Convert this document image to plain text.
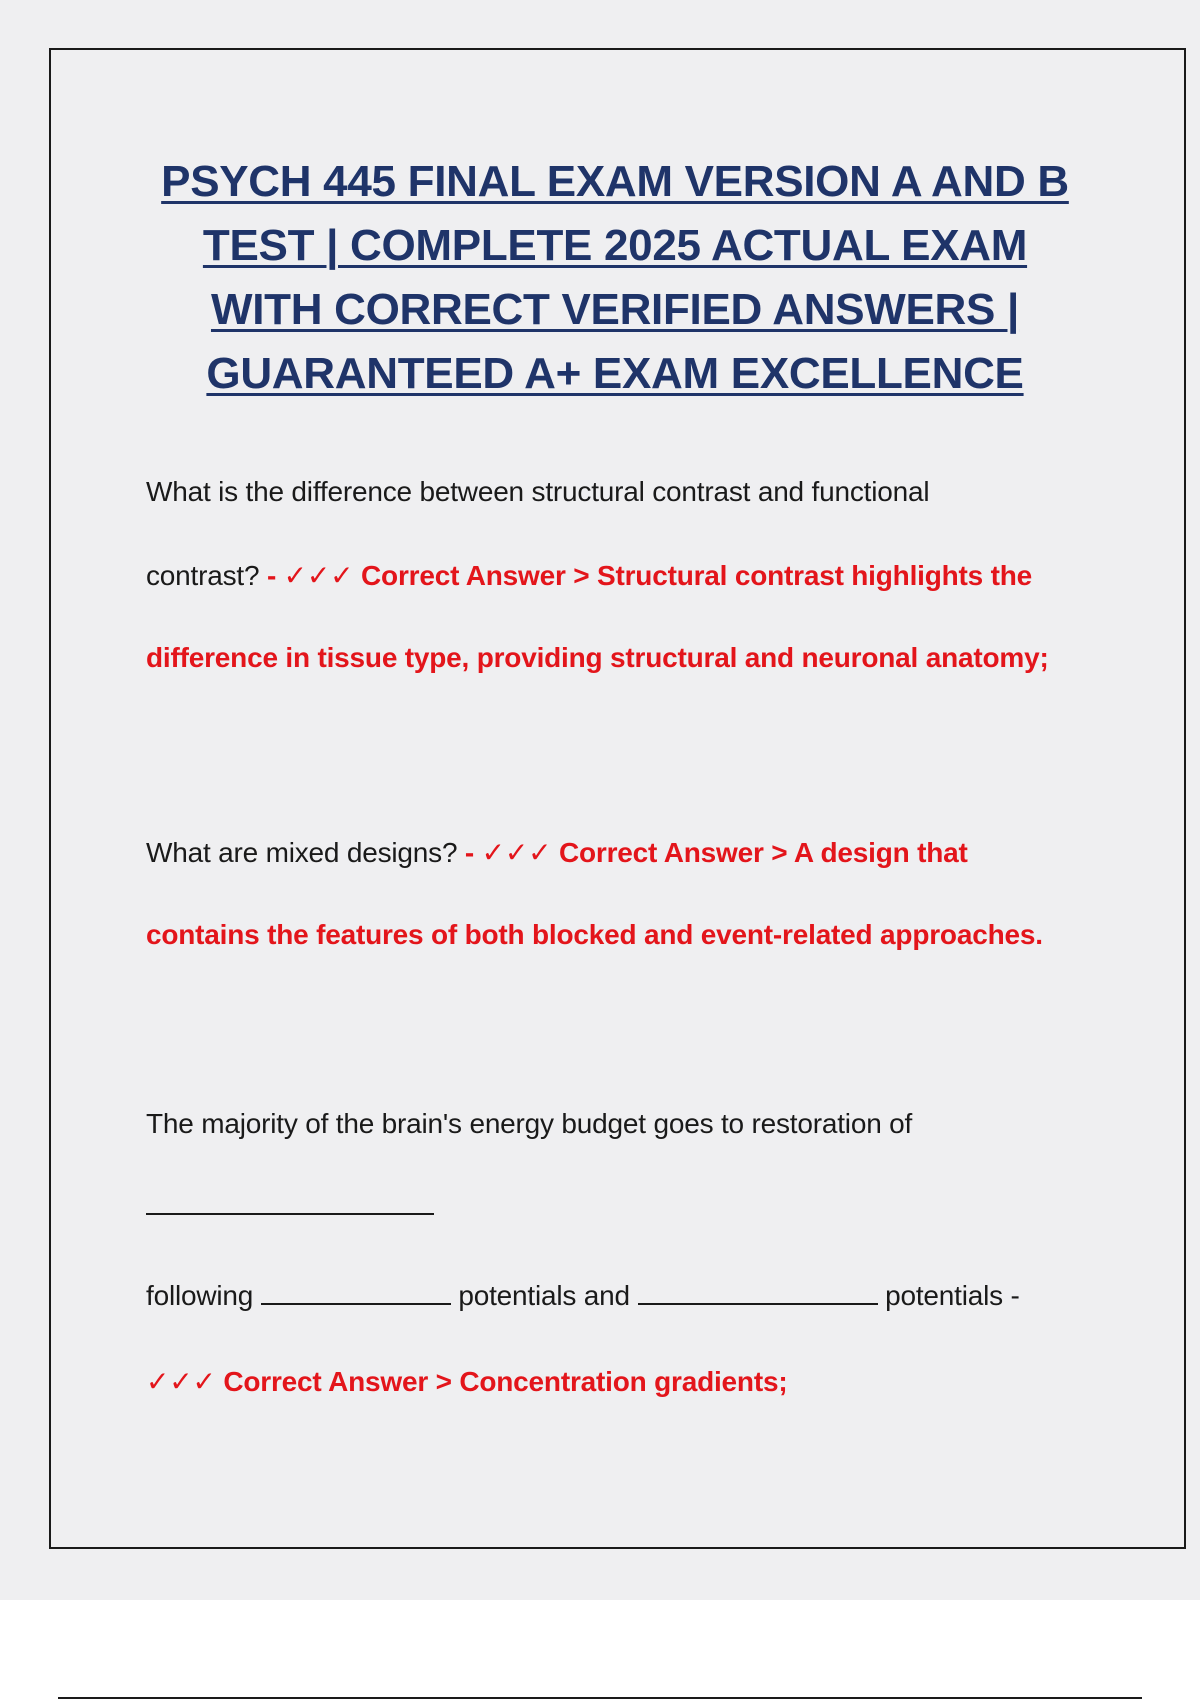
PSYCH 445 FINAL EXAM VERSION A AND B
TEST | COMPLETE 2025 ACTUAL EXAM
WITH CORRECT VERIFIED ANSWERS |
GUARANTEED A+ EXAM EXCELLENCE
What is the difference between structural contrast and functional
contrast? - ✓✓✓ Correct Answer > Structural contrast highlights the
difference in tissue type, providing structural and neuronal anatomy;
What are mixed designs? - ✓✓✓ Correct Answer > A design that
contains the features of both blocked and event-related approaches.
The majority of the brain's energy budget goes to restoration of
following	potentials and	potentials -
✓✓✓ Correct Answer > Concentration gradients;
